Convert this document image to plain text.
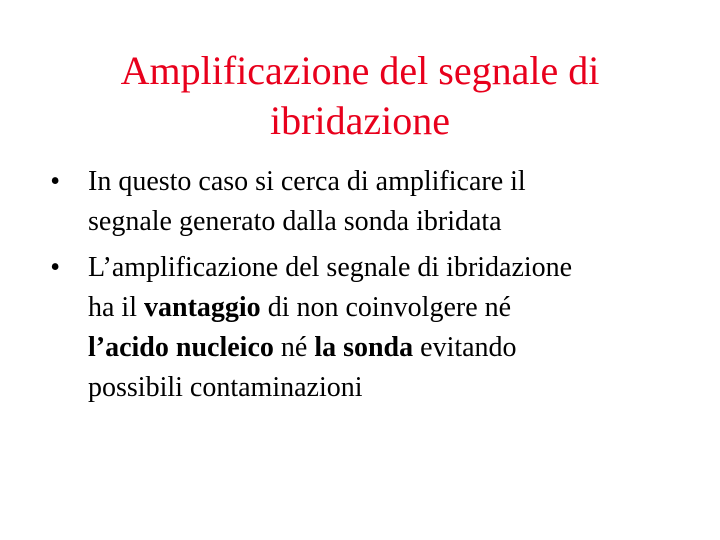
Amplificazione del segnale di
ibridazione
• In questo caso si cerca di amplificare il
segnale generato dalla sonda ibridata
• L’amplificazione del segnale di ibridazione
ha il vantaggio di non coinvolgere né
l’acido nucleico né la sonda evitando
possibili contaminazioni
